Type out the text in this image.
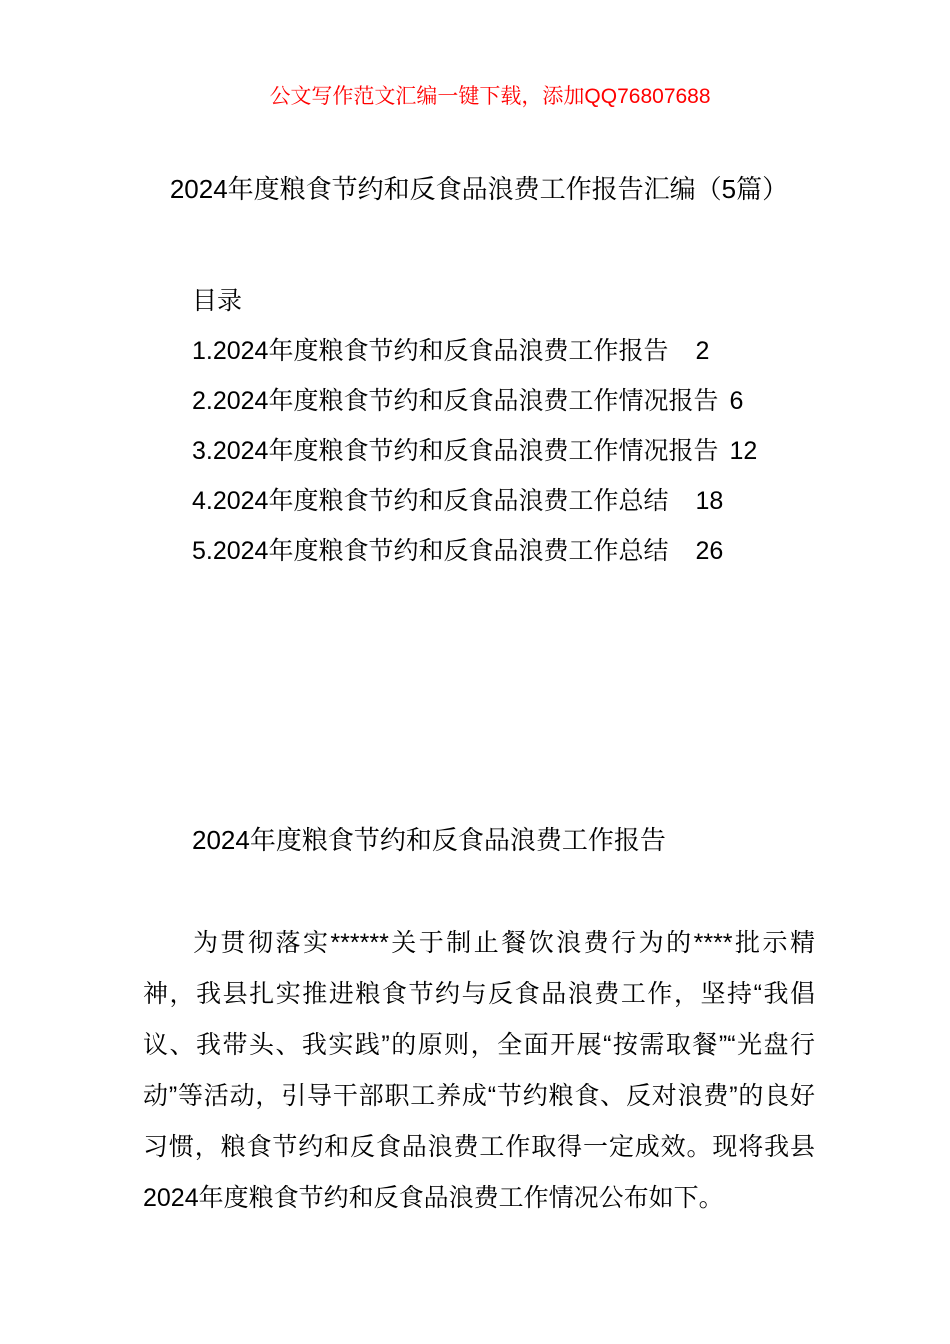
公文写作范文汇编一键下载，添加QQ76807688
2024年度粮食节约和反食品浪费工作报告汇编（5篇）
目录
1.2024年度粮食节约和反食品浪费工作报告 2
2.2024年度粮食节约和反食品浪费工作情况报告 6
3.2024年度粮食节约和反食品浪费工作情况报告 12
4.2024年度粮食节约和反食品浪费工作总结 18
5.2024年度粮食节约和反食品浪费工作总结 26
2024年度粮食节约和反食品浪费工作报告

为贯彻落实******关于制止餐饮浪费行为的****批示精神，我县扎实推进粮食节约与反食品浪费工作，坚持“我倡议、我带头、我实践”的原则，全面开展“按需取餐”“光盘行动”等活动，引导干部职工养成“节约粮食、反对浪费”的良好习惯，粮食节约和反食品浪费工作取得一定成效。现将我县2024年度粮食节约和反食品浪费工作情况公布如下。
